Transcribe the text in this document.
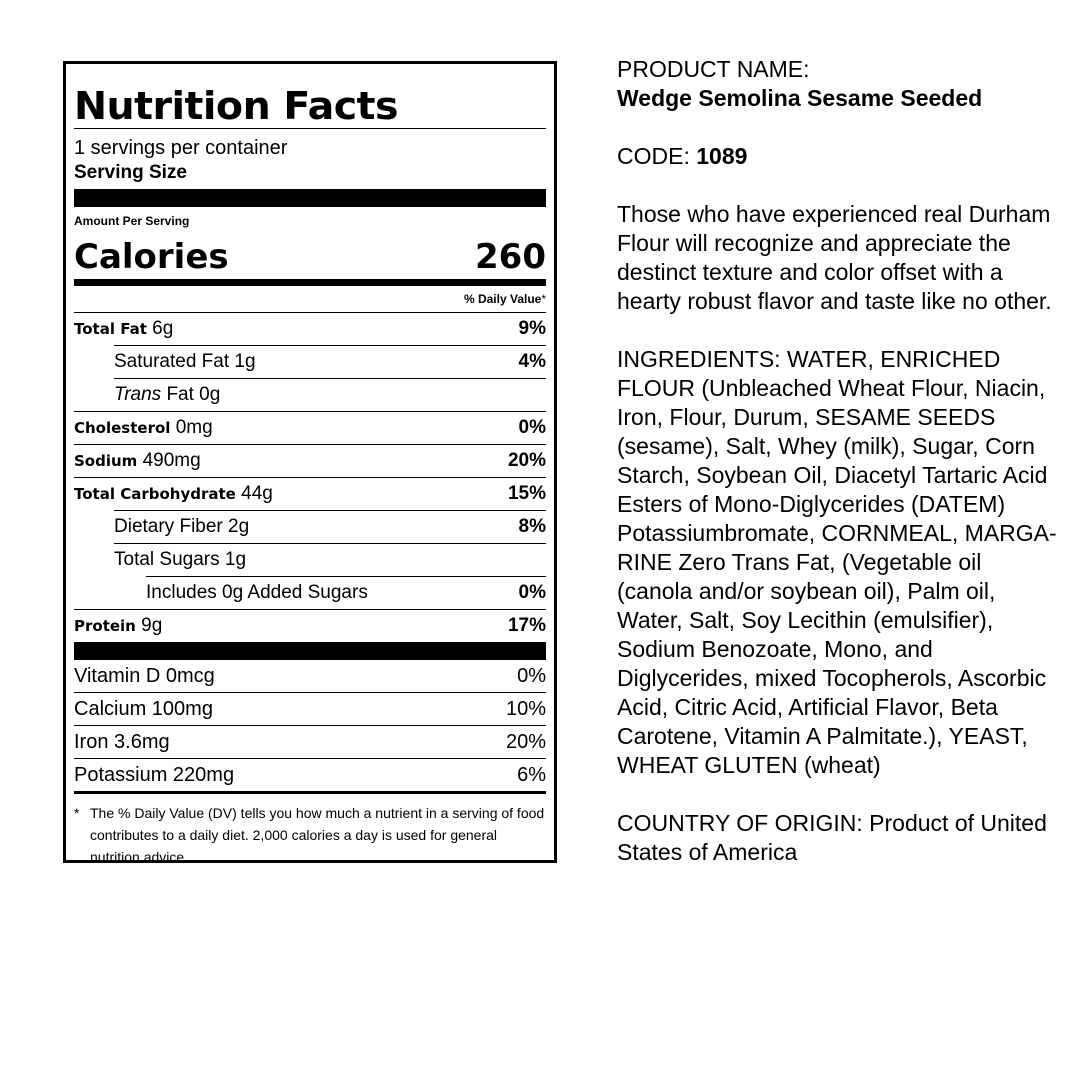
Nutrition Facts
1 servings per container
Serving Size
Amount Per Serving
Calories	260
% Daily Value*
Total Fat 6g	9%
Saturated Fat 1g	4%
Trans Fat 0g
Cholesterol 0mg	0%
Sodium 490mg	20%
Total Carbohydrate 44g	15%
Dietary Fiber 2g	8%
Total Sugars 1g
Includes 0g Added Sugars	0%
Protein 9g	17%
Vitamin D 0mcg	0%
Calcium 100mg	10%
Iron 3.6mg	20%
Potassium 220mg	6%
* The % Daily Value (DV) tells you how much a nutrient in a serving of food contributes to a daily diet. 2,000 calories a day is used for general nutrition advice.

PRODUCT NAME:

Wedge Semolina Sesame Seeded

CODE: 1089

Those who have experienced real Durham Flour will recognize and appreciate the destinct texture and color offset with a hearty robust flavor and taste like no other.

INGREDIENTS: WATER, ENRICHED FLOUR (Unbleached Wheat Flour, Niacin, Iron, Flour, Durum, SESAME SEEDS (sesame), Salt, Whey (milk), Sugar, Corn Starch, Soybean Oil, Diacetyl Tartaric Acid Esters of Mono-Diglycerides (DATEM) Potassiumbromate, CORNMEAL, MARGARINE Zero Trans Fat, (Vegetable oil (canola and/or soybean oil), Palm oil, Water, Salt, Soy Lecithin (emulsifier), Sodium Benozoate, Mono, and Diglycerides, mixed Tocopherols, Ascorbic Acid, Citric Acid, Artificial Flavor, Beta Carotene, Vitamin A Palmitate.), YEAST, WHEAT GLUTEN (wheat)

COUNTRY OF ORIGIN: Product of United States of America
